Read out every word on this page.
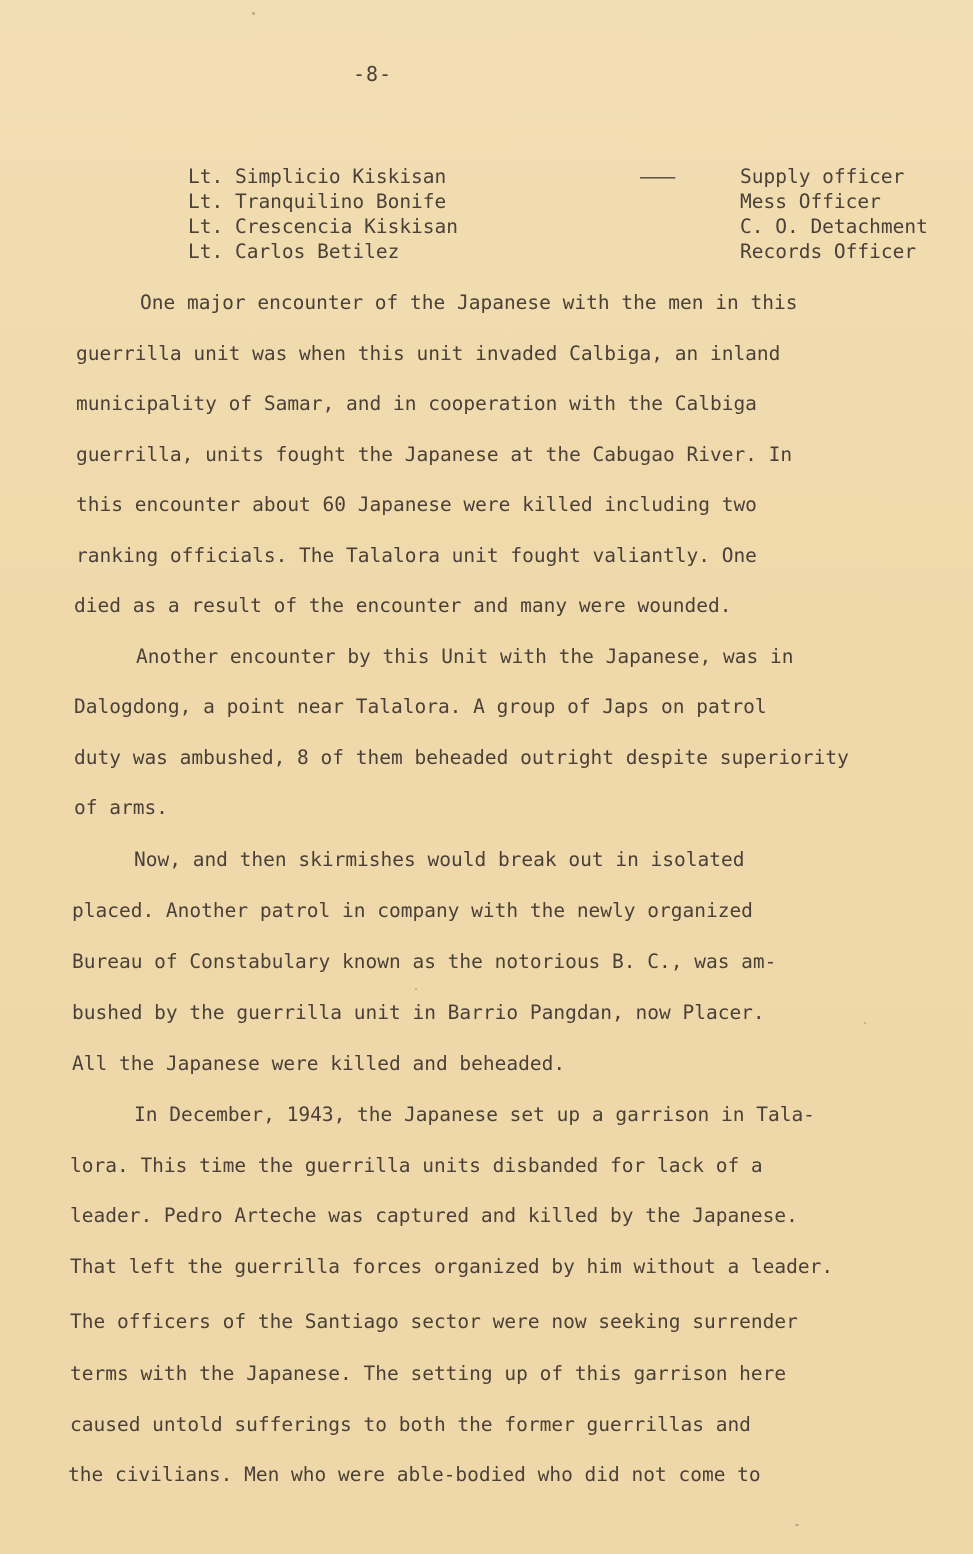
-8-
Lt. Simplicio Kiskisan	———	Supply officer
Lt. Tranquilino Bonife	Mess Officer
Lt. Crescencia Kiskisan	C. O. Detachment
Lt. Carlos Betilez	Records Officer
One major encounter of the Japanese with the men in this
guerrilla unit was when this unit invaded Calbiga, an inland
municipality of Samar, and in cooperation with the Calbiga
guerrilla, units fought the Japanese at the Cabugao River. In
this encounter about 60 Japanese were killed including two
ranking officials. The Talalora unit fought valiantly. One
died as a result of the encounter and many were wounded.
Another encounter by this Unit with the Japanese, was in
Dalogdong, a point near Talalora. A group of Japs on patrol
duty was ambushed, 8 of them beheaded outright despite superiority
of arms.
Now, and then skirmishes would break out in isolated
placed. Another patrol in company with the newly organized
Bureau of Constabulary known as the notorious B. C., was am-
bushed by the guerrilla unit in Barrio Pangdan, now Placer.
All the Japanese were killed and beheaded.
In December, 1943, the Japanese set up a garrison in Tala-
lora. This time the guerrilla units disbanded for lack of a
leader. Pedro Arteche was captured and killed by the Japanese.
That left the guerrilla forces organized by him without a leader.
The officers of the Santiago sector were now seeking surrender
terms with the Japanese. The setting up of this garrison here
caused untold sufferings to both the former guerrillas and
the civilians. Men who were able-bodied who did not come to
